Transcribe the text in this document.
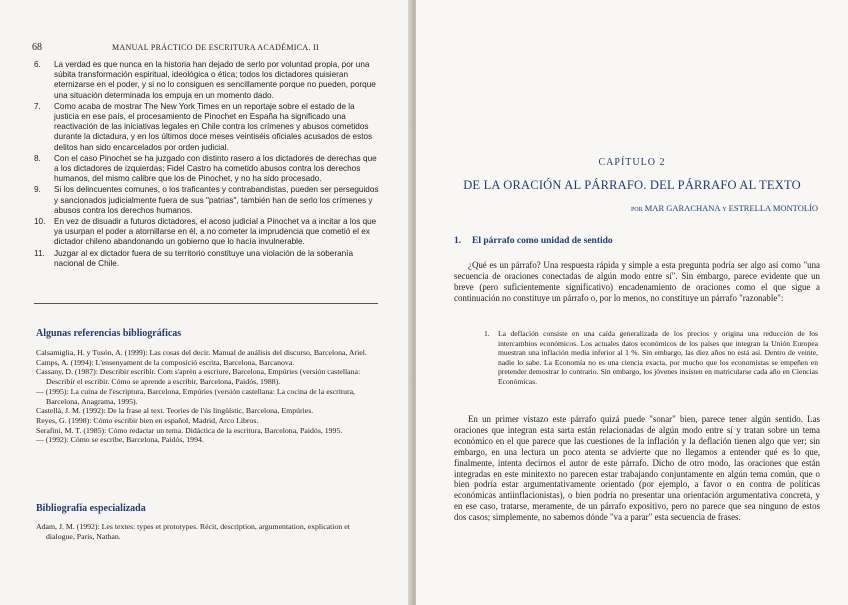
68	MANUAL PRÁCTICO DE ESCRITURA ACADÉMICA. II
6.	La verdad es que nunca en la historia han dejado de serlo por voluntad propia, por una súbita transformación espiritual, ideológica o ética; todos los dictadores quisieran eternizarse en el poder, y si no lo consiguen es sencillamente porque no pueden, porque una situación determinada los empuja en un momento dado.
7.	Como acaba de mostrar The New York Times en un reportaje sobre el estado de la justicia en ese país, el procesamiento de Pinochet en España ha significado una reactivación de las iniciativas legales en Chile contra los crímenes y abusos cometidos durante la dictadura, y en los últimos doce meses veintiséis oficiales acusados de estos delitos han sido encarcelados por orden judicial.
8.	Con el caso Pinochet se ha juzgado con distinto rasero a los dictadores de derechas que a los dictadores de izquierdas; Fidel Castro ha cometido abusos contra los derechos humanos, del mismo calibre que los de Pinochet, y no ha sido procesado.
9.	Si los delincuentes comunes, o los traficantes y contrabandistas, pueden ser perseguidos y sancionados judicialmente fuera de sus "patrias", también han de serlo los crímenes y abusos contra los derechos humanos.
10.	En vez de disuadir a futuros dictadores, el acoso judicial a Pinochet va a incitar a los que ya usurpan el poder a atornillarse en él, a no cometer la imprudencia que cometió el ex dictador chileno abandonando un gobierno que lo hacía invulnerable.
11.	Juzgar al ex dictador fuera de su territorio constituye una violación de la soberanía nacional de Chile.
Algunas referencias bibliográficas
Calsamiglia, H. y Tusón, A. (1999): Las cosas del decir. Manual de análisis del discurso, Barcelona, Ariel.
Camps, A. (1994): L'ensenyament de la composició escrita, Barcelona, Barcanova.
Cassany, D. (1987): Describir escribir. Com s'aprèn a escriure, Barcelona, Empúries (versión castellana: Describir el escribir. Cómo se aprende a escribir, Barcelona, Paidós, 1988).
— (1995): La cuina de l'escriptura, Barcelona, Empúries (versión castellana: La cocina de la escritura, Barcelona, Anagrama, 1995).
Castellà, J. M. (1992): De la frase al text. Teories de l'ús lingüístic, Barcelona, Empúries.
Reyes, G. (1998): Cómo escribir bien en español, Madrid, Arco Libros.
Serafini, M. T. (1985): Cómo redactar un tema. Didáctica de la escritura, Barcelona, Paidós, 1995.
— (1992): Cómo se escribe, Barcelona, Paidós, 1994.
Bibliografía especializada
Adam, J. M. (1992): Les textes: types et prototypes. Récit, description, argumentation, explication et dialogue, París, Nathan.
CAPÍTULO 2
DE LA ORACIÓN AL PÁRRAFO. DEL PÁRRAFO AL TEXTO
por MAR GARACHANA y ESTRELLA MONTOLÍO
1. El párrafo como unidad de sentido
¿Qué es un párrafo? Una respuesta rápida y simple a esta pregunta podría ser algo así como "una secuencia de oraciones conectadas de algún modo entre sí". Sin embargo, parece evidente que un breve (pero suficientemente significativo) encadenamiento de oraciones como el que sigue a continuación no constituye un párrafo o, por lo menos, no constituye un párrafo "razonable":
1.	La deflación consiste en una caída generalizada de los precios y origina una reducción de los intercambios económicos. Los actuales datos económicos de los países que integran la Unión Europea muestran una inflación media inferior al 1 %. Sin embargo, las diez años no está así. Dentro de veinte, nadie lo sabe. La Economía no es una ciencia exacta, por mucho que los economistas se empeñen en pretender demostrar lo contrario. Sin embargo, los jóvenes insisten en matricularse cada año en Ciencias Económicas.
En un primer vistazo este párrafo quizá puede "sonar" bien, parece tener algún sentido. Las oraciones que integran esta sarta están relacionadas de algún modo entre sí y tratan sobre un tema económico en el que parece que las cuestiones de la inflación y la deflación tienen algo que ver; sin embargo, en una lectura un poco atenta se advierte que no llegamos a entender qué es lo que, finalmente, intenta decirnos el autor de este párrafo. Dicho de otro modo, las oraciones que están integradas en este minitexto no parecen estar trabajando conjuntamente en algún tema común, que o bien podría estar argumentativamente orientado (por ejemplo, a favor o en contra de políticas económicas antiinflacionistas), o bien podría no presentar una orientación argumentativa concreta, y en ese caso, tratarse, meramente, de un párrafo expositivo, pero no parece que sea ninguno de estos dos casos; simplemente, no sabemos dónde "va a parar" esta secuencia de frases.
